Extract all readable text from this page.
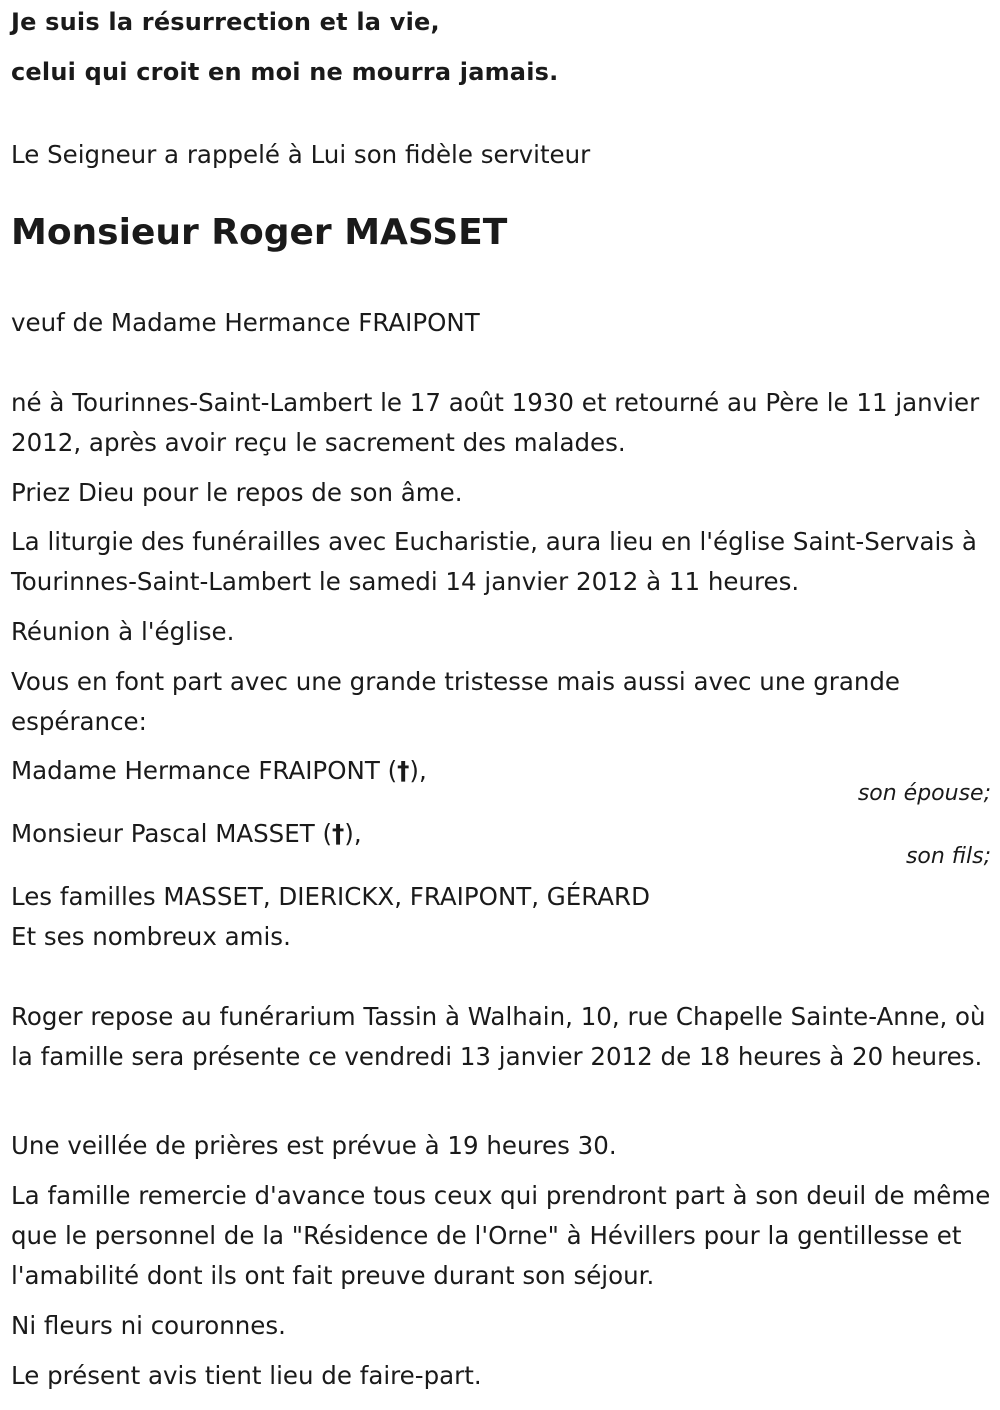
Je suis la résurrection et la vie,

celui qui croit en moi ne mourra jamais.

Le Seigneur a rappelé à Lui son fidèle serviteur

Monsieur Roger MASSET

veuf de Madame Hermance FRAIPONT

né à Tourinnes-Saint-Lambert le 17 août 1930 et retourné au Père le 11 janvier 2012, après avoir reçu le sacrement des malades.

Priez Dieu pour le repos de son âme.

La liturgie des funérailles avec Eucharistie, aura lieu en l'église Saint-Servais à Tourinnes-Saint-Lambert le samedi 14 janvier 2012 à 11 heures.

Réunion à l'église.

Vous en font part avec une grande tristesse mais aussi avec une grande espérance:

Madame Hermance FRAIPONT (†),

son épouse;

Monsieur Pascal MASSET (†),

son fils;

Les familles MASSET, DIERICKX, FRAIPONT, GÉRARD

Et ses nombreux amis.

Roger repose au funérarium Tassin à Walhain, 10, rue Chapelle Sainte-Anne, où la famille sera présente ce vendredi 13 janvier 2012 de 18 heures à 20 heures.

Une veillée de prières est prévue à 19 heures 30.

La famille remercie d'avance tous ceux qui prendront part à son deuil de même que le personnel de la "Résidence de l'Orne" à Hévillers pour la gentillesse et l'amabilité dont ils ont fait preuve durant son séjour.

Ni fleurs ni couronnes.

Le présent avis tient lieu de faire-part.
